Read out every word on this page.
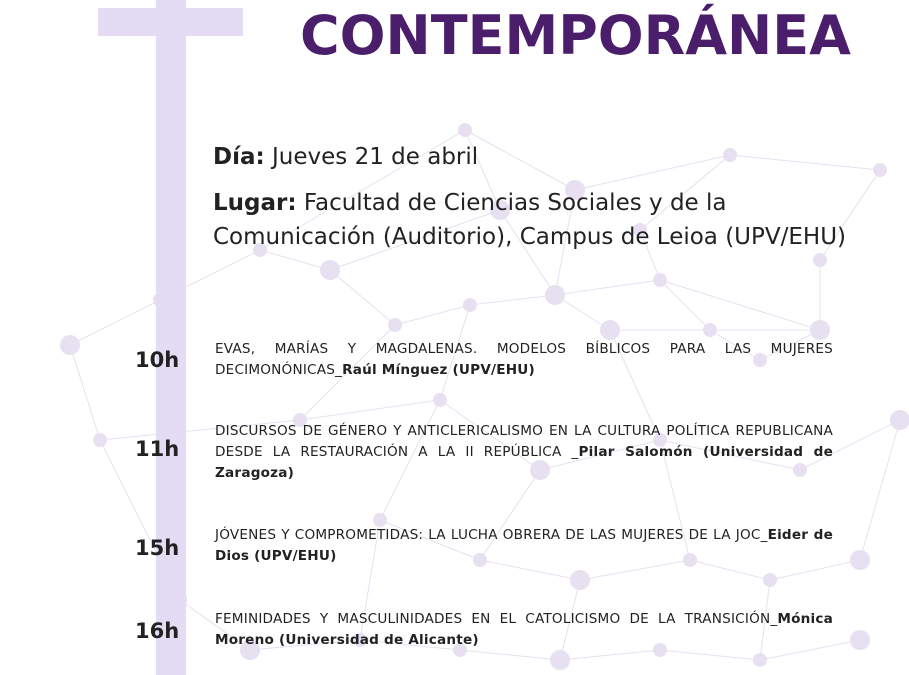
CONTEMPORÁNEA
Día: Jueves 21 de abril
Lugar: Facultad de Ciencias Sociales y de la
Comunicación (Auditorio), Campus de Leioa (UPV/EHU)
10h	EVAS, MARÍAS Y MAGDALENAS. MODELOS BÍBLICOS PARA LAS MUJERES DECIMONÓNICAS_Raúl Mínguez (UPV/EHU)
11h
DISCURSOS DE GÉNERO Y ANTICLERICALISMO EN LA CULTURA POLÍTICA REPUBLICANA DESDE LA RESTAURACIÓN A LA II REPÚBLICA _Pilar Salomón (Universidad de Zaragoza)
15h
JÓVENES Y COMPROMETIDAS: LA LUCHA OBRERA DE LAS MUJERES DE LA JOC_Eider de Dios (UPV/EHU)
16h	FEMINIDADES Y MASCULINIDADES EN EL CATOLICISMO DE LA TRANSICIÓN_Mónica Moreno (Universidad de Alicante)
